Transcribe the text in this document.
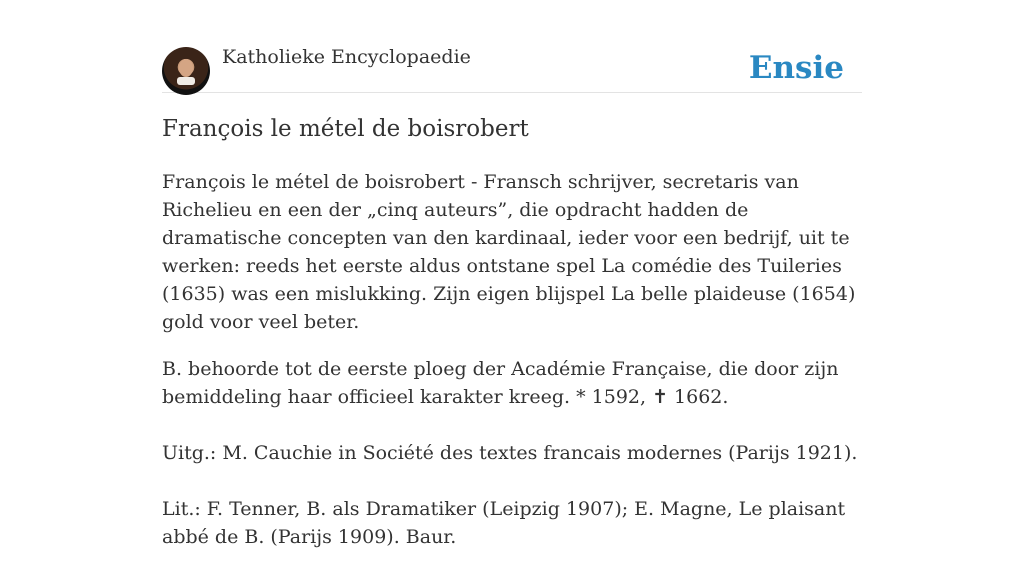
Katholieke Encyclopaedie	Ensie
François le métel de boisrobert

François le métel de boisrobert - Fransch schrijver, secretaris van Richelieu en een der „cinq auteurs”, die opdracht hadden de dramatische concepten van den kardinaal, ieder voor een bedrijf, uit te werken: reeds het eerste aldus ontstane spel La comédie des Tuileries (1635) was een mislukking. Zijn eigen blijspel La belle plaideuse (1654) gold voor veel beter.

B. behoorde tot de eerste ploeg der Académie Française, die door zijn bemiddeling haar officieel karakter kreeg. * 1592, ✝ 1662.

Uitg.: M. Cauchie in Société des textes francais modernes (Parijs 1921).

Lit.: F. Tenner, B. als Dramatiker (Leipzig 1907); E. Magne, Le plaisant abbé de B. (Parijs 1909). Baur.
